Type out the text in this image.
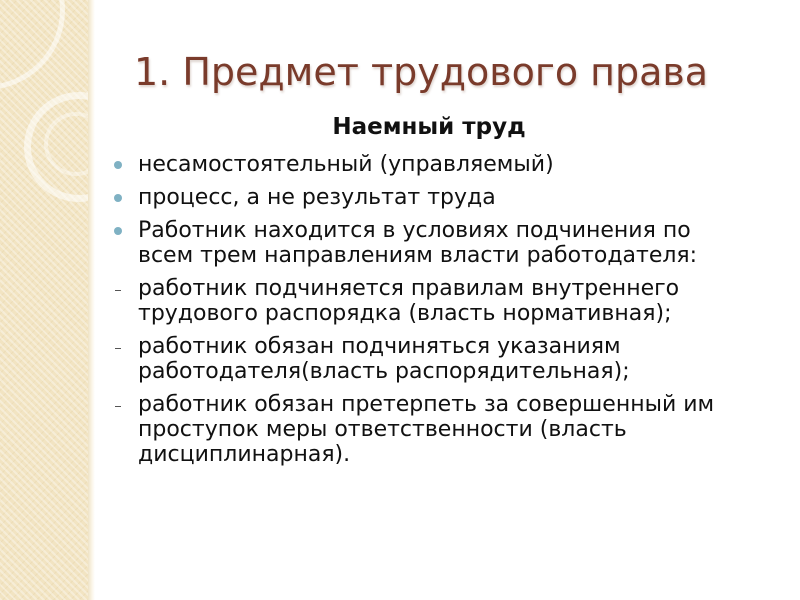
1. Предмет трудового права
Наемный труд
несамостоятельный (управляемый)
процесс, а не результат труда
Работник находится в условиях подчинения по всем трем направлениям власти работодателя:
работник подчиняется правилам внутреннего трудового распорядка (власть нормативная);
работник обязан подчиняться указаниям работодателя(власть распорядительная);
работник обязан претерпеть за совершенный им проступок меры ответственности (власть дисциплинарная).
